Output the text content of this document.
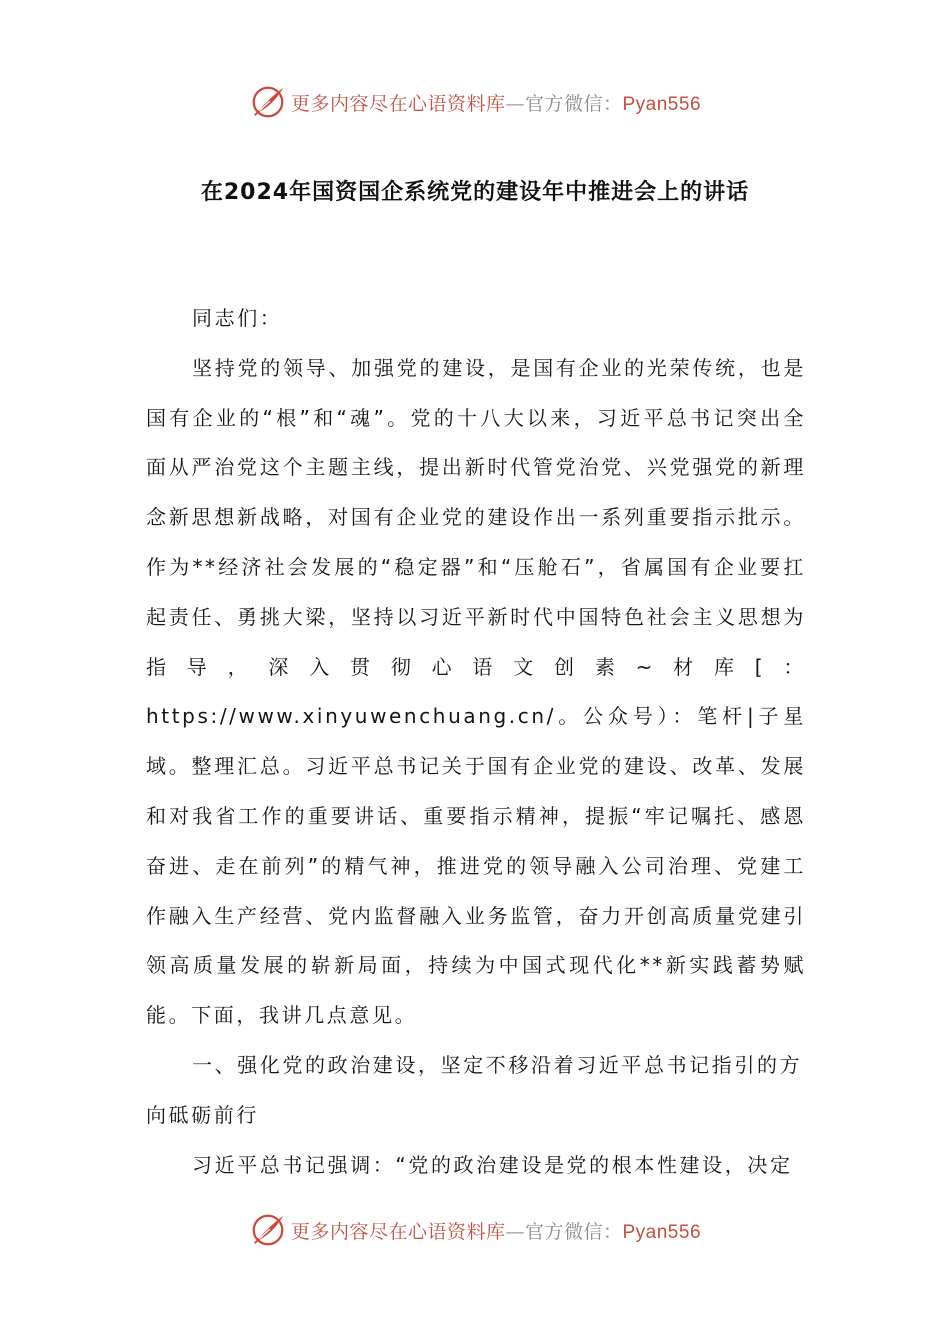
更多内容尽在心语资料库—官方微信：Pyan556
在2024年国资国企系统党的建设年中推进会上的讲话

同志们：

坚持党的领导、加强党的建设，是国有企业的光荣传统，也是国有企业的“根”和“魂”。党的十八大以来，习近平总书记突出全面从严治党这个主题主线，提出新时代管党治党、兴党强党的新理念新思想新战略，对国有企业党的建设作出一系列重要指示批示。作为**经济社会发展的“稳定器”和“压舱石”，省属国有企业要扛起责任、勇挑大梁，坚持以习近平新时代中国特色社会主义思想为指导，深入贯彻心语文创素~材库[：https://www.xinyuwenchuang.cn/。公众号）：笔杆|子星域。整理汇总。习近平总书记关于国有企业党的建设、改革、发展和对我省工作的重要讲话、重要指示精神，提振“牢记嘱托、感恩奋进、走在前列”的精气神，推进党的领导融入公司治理、党建工作融入生产经营、党内监督融入业务监管，奋力开创高质量党建引领高质量发展的崭新局面，持续为中国式现代化**新实践蓄势赋能。下面，我讲几点意见。

一、强化党的政治建设，坚定不移沿着习近平总书记指引的方向砥砺前行

习近平总书记强调：“党的政治建设是党的根本性建设，决定

更多内容尽在心语资料库—官方微信：Pyan556
